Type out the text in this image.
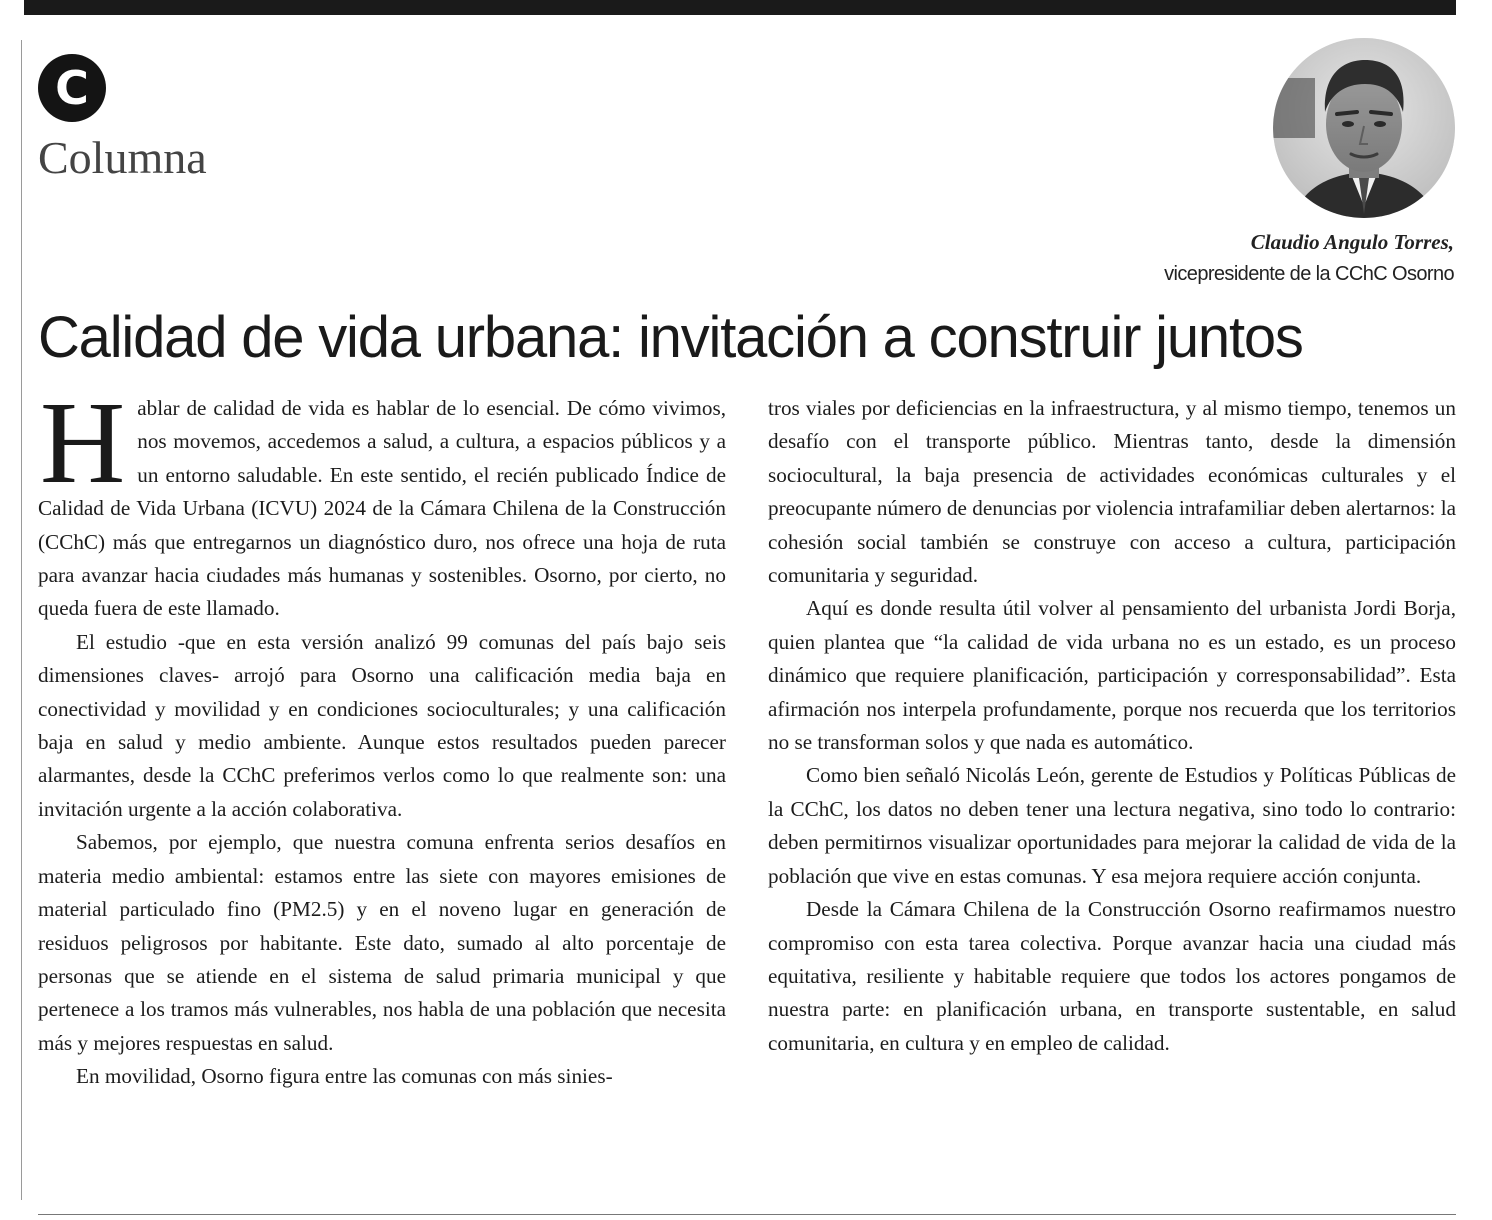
C
Columna
Claudio Angulo Torres,
vicepresidente de la CChC Osorno
Calidad de vida urbana: invitación a construir juntos

Hablar de calidad de vida es hablar de lo esencial. De cómo vivimos, nos movemos, accedemos a salud, a cultura, a espacios públicos y a un entorno saludable. En este sentido, el recién publicado Índice de Calidad de Vida Urbana (ICVU) 2024 de la Cámara Chilena de la Construcción (CChC) más que entregarnos un diagnóstico duro, nos ofrece una hoja de ruta para avanzar hacia ciudades más humanas y sostenibles. Osorno, por cierto, no queda fuera de este llamado.

El estudio -que en esta versión analizó 99 comunas del país bajo seis dimensiones claves- arrojó para Osorno una calificación media baja en conectividad y movilidad y en condiciones socioculturales; y una calificación baja en salud y medio ambiente. Aunque estos resultados pueden parecer alarmantes, desde la CChC preferimos verlos como lo que realmente son: una invitación urgente a la acción colaborativa.

Sabemos, por ejemplo, que nuestra comuna enfrenta serios desafíos en materia medio ambiental: estamos entre las siete con mayores emisiones de material particulado fino (PM2.5) y en el noveno lugar en generación de residuos peligrosos por habitante. Este dato, sumado al alto porcentaje de personas que se atiende en el sistema de salud primaria municipal y que pertenece a los tramos más vulnerables, nos habla de una población que necesita más y mejores respuestas en salud.

En movilidad, Osorno figura entre las comunas con más sinies-

tros viales por deficiencias en la infraestructura, y al mismo tiempo, tenemos un desafío con el transporte público. Mientras tanto, desde la dimensión sociocultural, la baja presencia de actividades económicas culturales y el preocupante número de denuncias por violencia intrafamiliar deben alertarnos: la cohesión social también se construye con acceso a cultura, participación comunitaria y seguridad.

Aquí es donde resulta útil volver al pensamiento del urbanista Jordi Borja, quien plantea que “la calidad de vida urbana no es un estado, es un proceso dinámico que requiere planificación, participación y corresponsabilidad”. Esta afirmación nos interpela profundamente, porque nos recuerda que los territorios no se transforman solos y que nada es automático.

Como bien señaló Nicolás León, gerente de Estudios y Políticas Públicas de la CChC, los datos no deben tener una lectura negativa, sino todo lo contrario: deben permitirnos visualizar oportunidades para mejorar la calidad de vida de la población que vive en estas comunas. Y esa mejora requiere acción conjunta.

Desde la Cámara Chilena de la Construcción Osorno reafirmamos nuestro compromiso con esta tarea colectiva. Porque avanzar hacia una ciudad más equitativa, resiliente y habitable requiere que todos los actores pongamos de nuestra parte: en planificación urbana, en transporte sustentable, en salud comunitaria, en cultura y en empleo de calidad.
